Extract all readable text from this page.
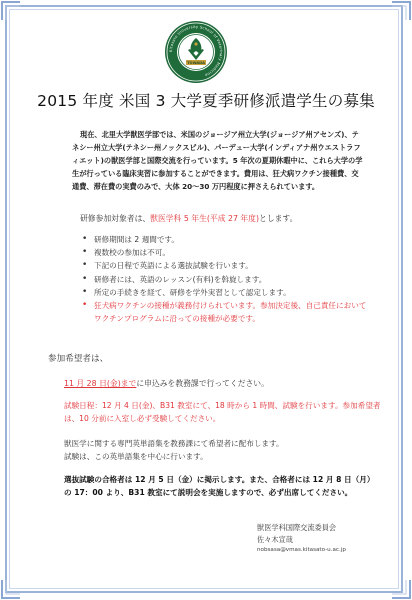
Kitasato University School of Veterinary Medicine
TOWADA
2015 年度 米国 3 大学夏季研修派遣学生の募集

現在、北里大学獣医学部では、米国のジョージア州立大学(ジョージア州アセンズ)、テネシー州立大学(テネシー州ノックスビル)、パーデュー大学(インディアナ州ウエストラフィエット)の獣医学部と国際交流を行っています。5 年次の夏期休暇中に、これら大学の学生が行っている臨床実習に参加することができます。費用は、狂犬病ワクチン接種費、交通費、滞在費の実費のみで、大体 20～30 万円程度に押さえられています。

研修参加対象者は、獣医学科 5 年生(平成 27 年度)とします。
• 研修期間は 2 週間です。
• 複数校の参加は不可。
• 下記の日程で英語による選抜試験を行います。
• 研修者には、英語のレッスン(有料)を斡旋します。
• 所定の手続きを経て、研修を学外実習として認定します。
• 狂犬病ワクチンの接種が義務付けられています。参加決定後、自己責任においてワクチンプログラムに沿っての接種が必要です。
参加希望者は、
11 月 28 日(金)までに申込みを教務課で行ってください。

試験日程：12 月 4 日(金)、B31 教室にて、18 時から 1 時間、試験を行います。参加希望者は、10 分前に入室し必ず受験してください。

獣医学に関する専門英単語集を教務課にて希望者に配布します。

試験は、この英単語集を中心に行います。

選抜試験の合格者は 12 月 5 日（金）に掲示します。また、合格者には 12 月 8 日（月）の 17：00 より、B31 教室にて説明会を実施しますので、必ず出席してください。

獣医学科国際交流委員会
佐々木宣哉
nobsasa@vmas.kitasato-u.ac.jp
